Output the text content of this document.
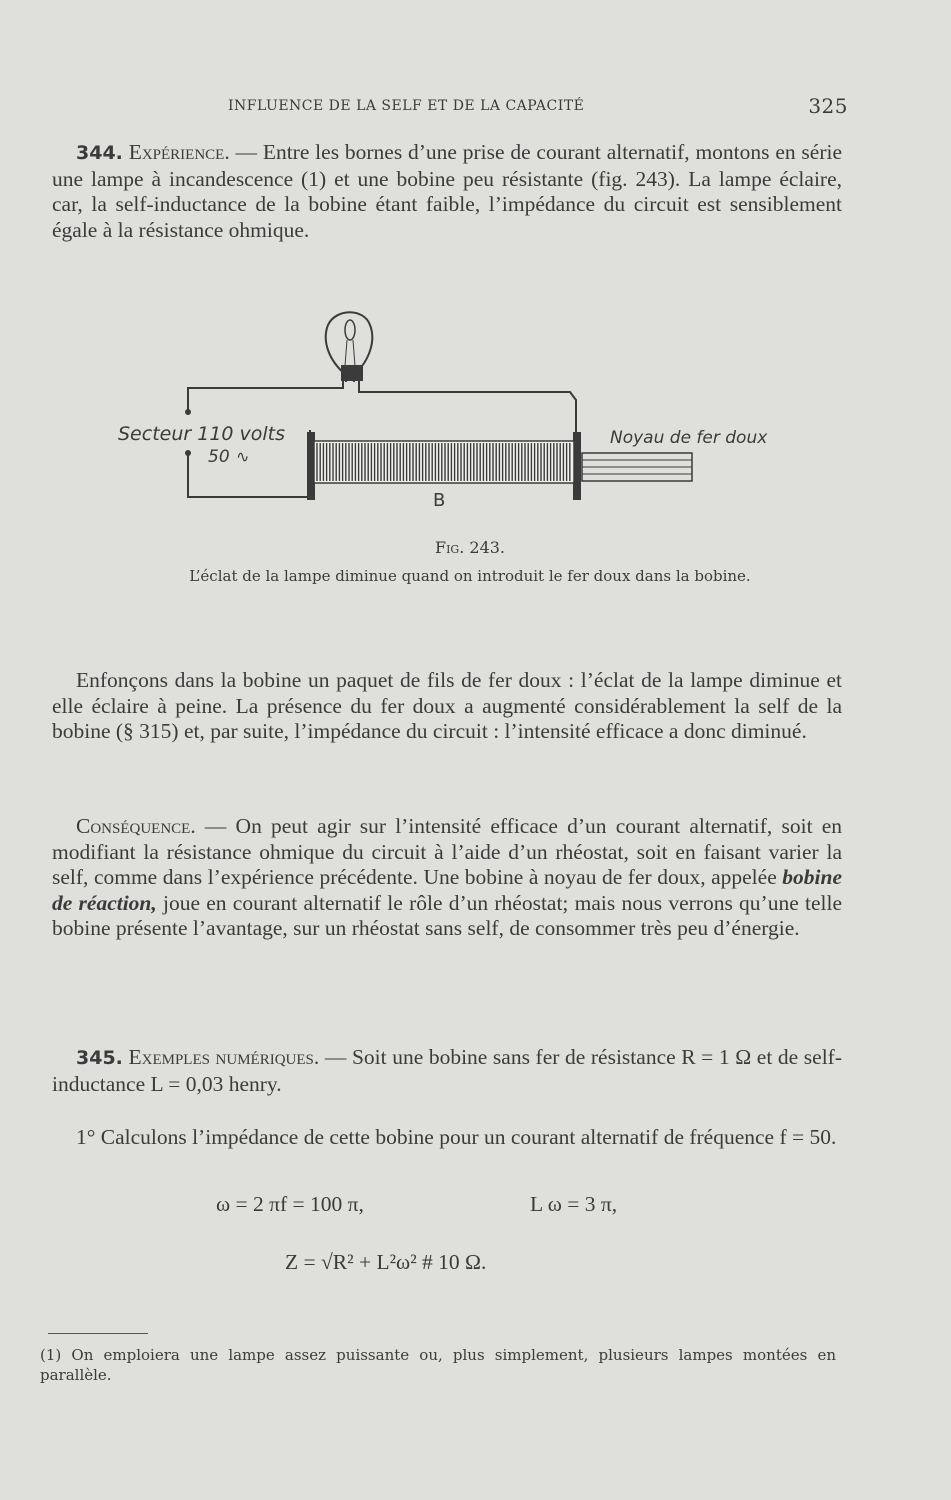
INFLUENCE DE LA SELF ET DE LA CAPACITÉ	325
344. Expérience. — Entre les bornes d’une prise de courant alternatif, montons en série une lampe à incandescence (1) et une bobine peu résistante (fig. 243). La lampe éclaire, car, la self-inductance de la bobine étant faible, l’impédance du circuit est sensiblement égale à la résistance ohmique.
Secteur 110 volts
50 ∿
Noyau de fer doux
B
Fig. 243.
L’éclat de la lampe diminue quand on introduit le fer doux dans la bobine.
Enfonçons dans la bobine un paquet de fils de fer doux : l’éclat de la lampe diminue et elle éclaire à peine. La présence du fer doux a augmenté considérablement la self de la bobine (§ 315) et, par suite, l’impédance du circuit : l’intensité efficace a donc diminué.
Conséquence. — On peut agir sur l’intensité efficace d’un courant alternatif, soit en modifiant la résistance ohmique du circuit à l’aide d’un rhéostat, soit en faisant varier la self, comme dans l’expérience précédente. Une bobine à noyau de fer doux, appelée bobine de réaction, joue en courant alternatif le rôle d’un rhéostat; mais nous verrons qu’une telle bobine présente l’avantage, sur un rhéostat sans self, de consommer très peu d’énergie.
345. Exemples numériques. — Soit une bobine sans fer de résistance R = 1 Ω et de self-inductance L = 0,03 henry.
1° Calculons l’impédance de cette bobine pour un courant alternatif de fréquence f = 50.
ω = 2 πf = 100 π,	L ω = 3 π,
Z = √R² + L²ω² # 10 Ω.
(1) On emploiera une lampe assez puissante ou, plus simplement, plusieurs lampes montées en parallèle.
